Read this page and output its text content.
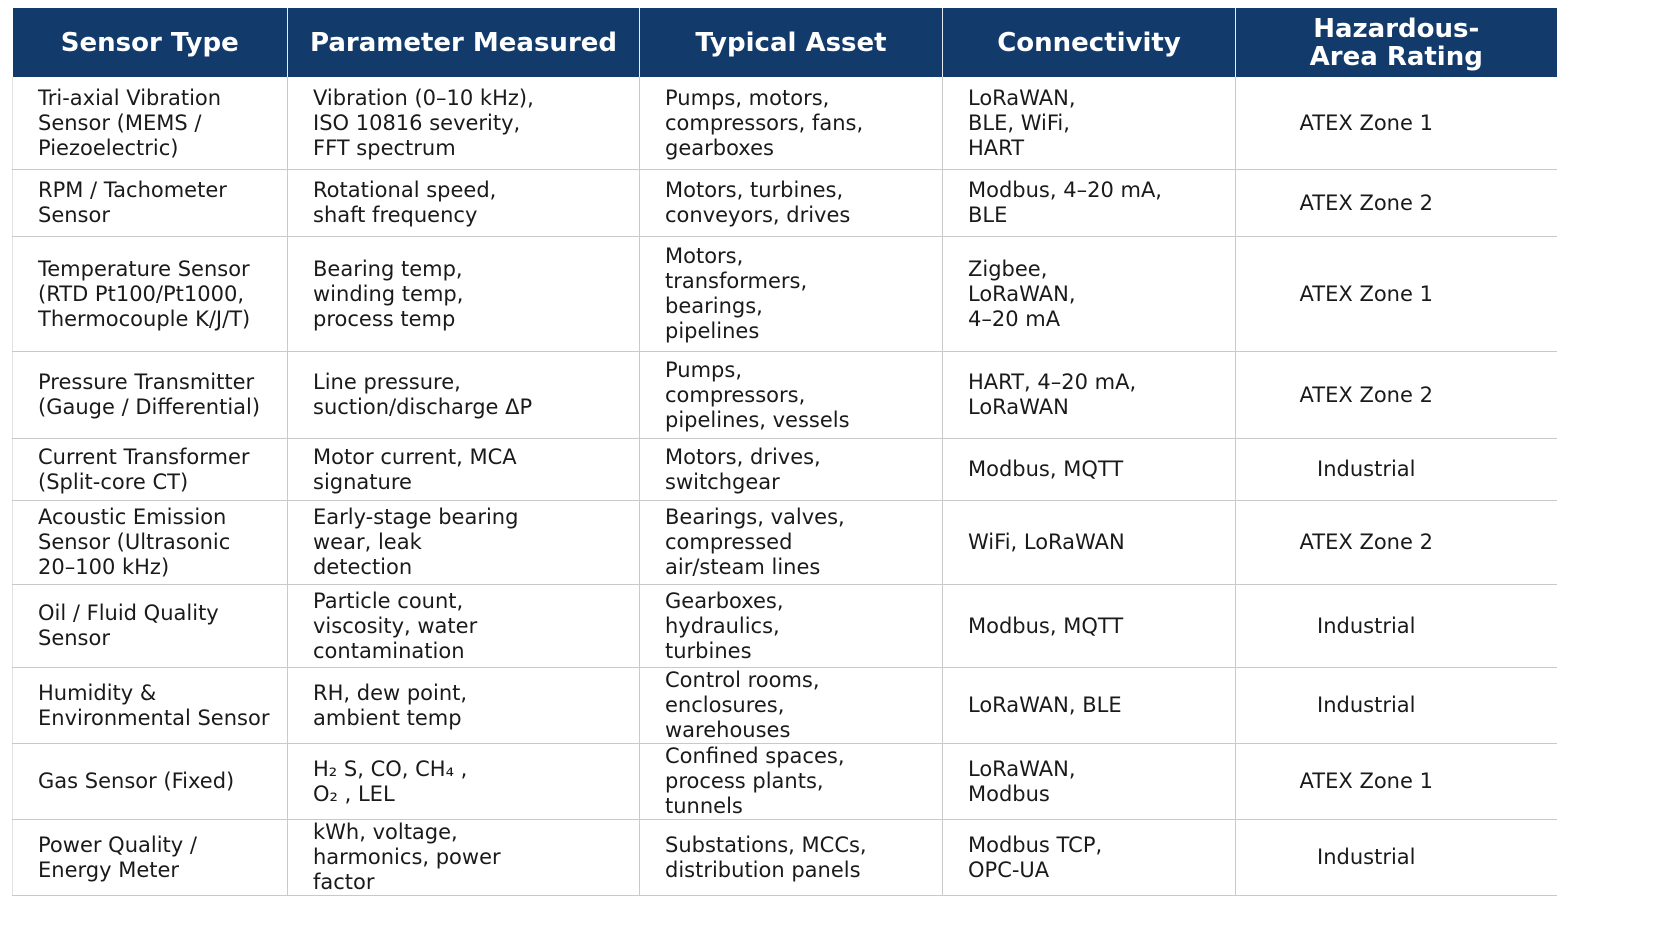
Sensor Type	Parameter Measured	Typical Asset	Connectivity	Hazardous-
Area Rating
Tri-axial Vibration
Sensor (MEMS /
Piezoelectric)	Vibration (0–10 kHz),
ISO 10816 severity,
FFT spectrum	Pumps, motors,
compressors, fans,
gearboxes	LoRaWAN,
BLE, WiFi,
HART	ATEX Zone 1
RPM / Tachometer
Sensor	Rotational speed,
shaft frequency	Motors, turbines,
conveyors, drives	Modbus, 4–20 mA,
BLE	ATEX Zone 2
Temperature Sensor
(RTD Pt100/Pt1000,
Thermocouple K/J/T)	Bearing temp,
winding temp,
process temp	Motors,
transformers,
bearings,
pipelines	Zigbee,
LoRaWAN,
4–20 mA	ATEX Zone 1
Pressure Transmitter
(Gauge / Differential)	Line pressure,
suction/discharge ΔP	Pumps,
compressors,
pipelines, vessels	HART, 4–20 mA,
LoRaWAN	ATEX Zone 2
Current Transformer
(Split-core CT)	Motor current, MCA
signature	Motors, drives,
switchgear	Modbus, MQTT	Industrial
Acoustic Emission
Sensor (Ultrasonic
20–100 kHz)	Early-stage bearing
wear, leak
detection	Bearings, valves,
compressed
air/steam lines	WiFi, LoRaWAN	ATEX Zone 2
Oil / Fluid Quality
Sensor	Particle count,
viscosity, water
contamination	Gearboxes,
hydraulics,
turbines	Modbus, MQTT	Industrial
Humidity &
Environmental Sensor	RH, dew point,
ambient temp	Control rooms,
enclosures,
warehouses	LoRaWAN, BLE	Industrial
Gas Sensor (Fixed)	H₂ S, CO, CH₄ ,
O₂ , LEL	Confined spaces,
process plants,
tunnels	LoRaWAN,
Modbus	ATEX Zone 1
Power Quality /
Energy Meter	kWh, voltage,
harmonics, power
factor	Substations, MCCs,
distribution panels	Modbus TCP,
OPC-UA	Industrial
